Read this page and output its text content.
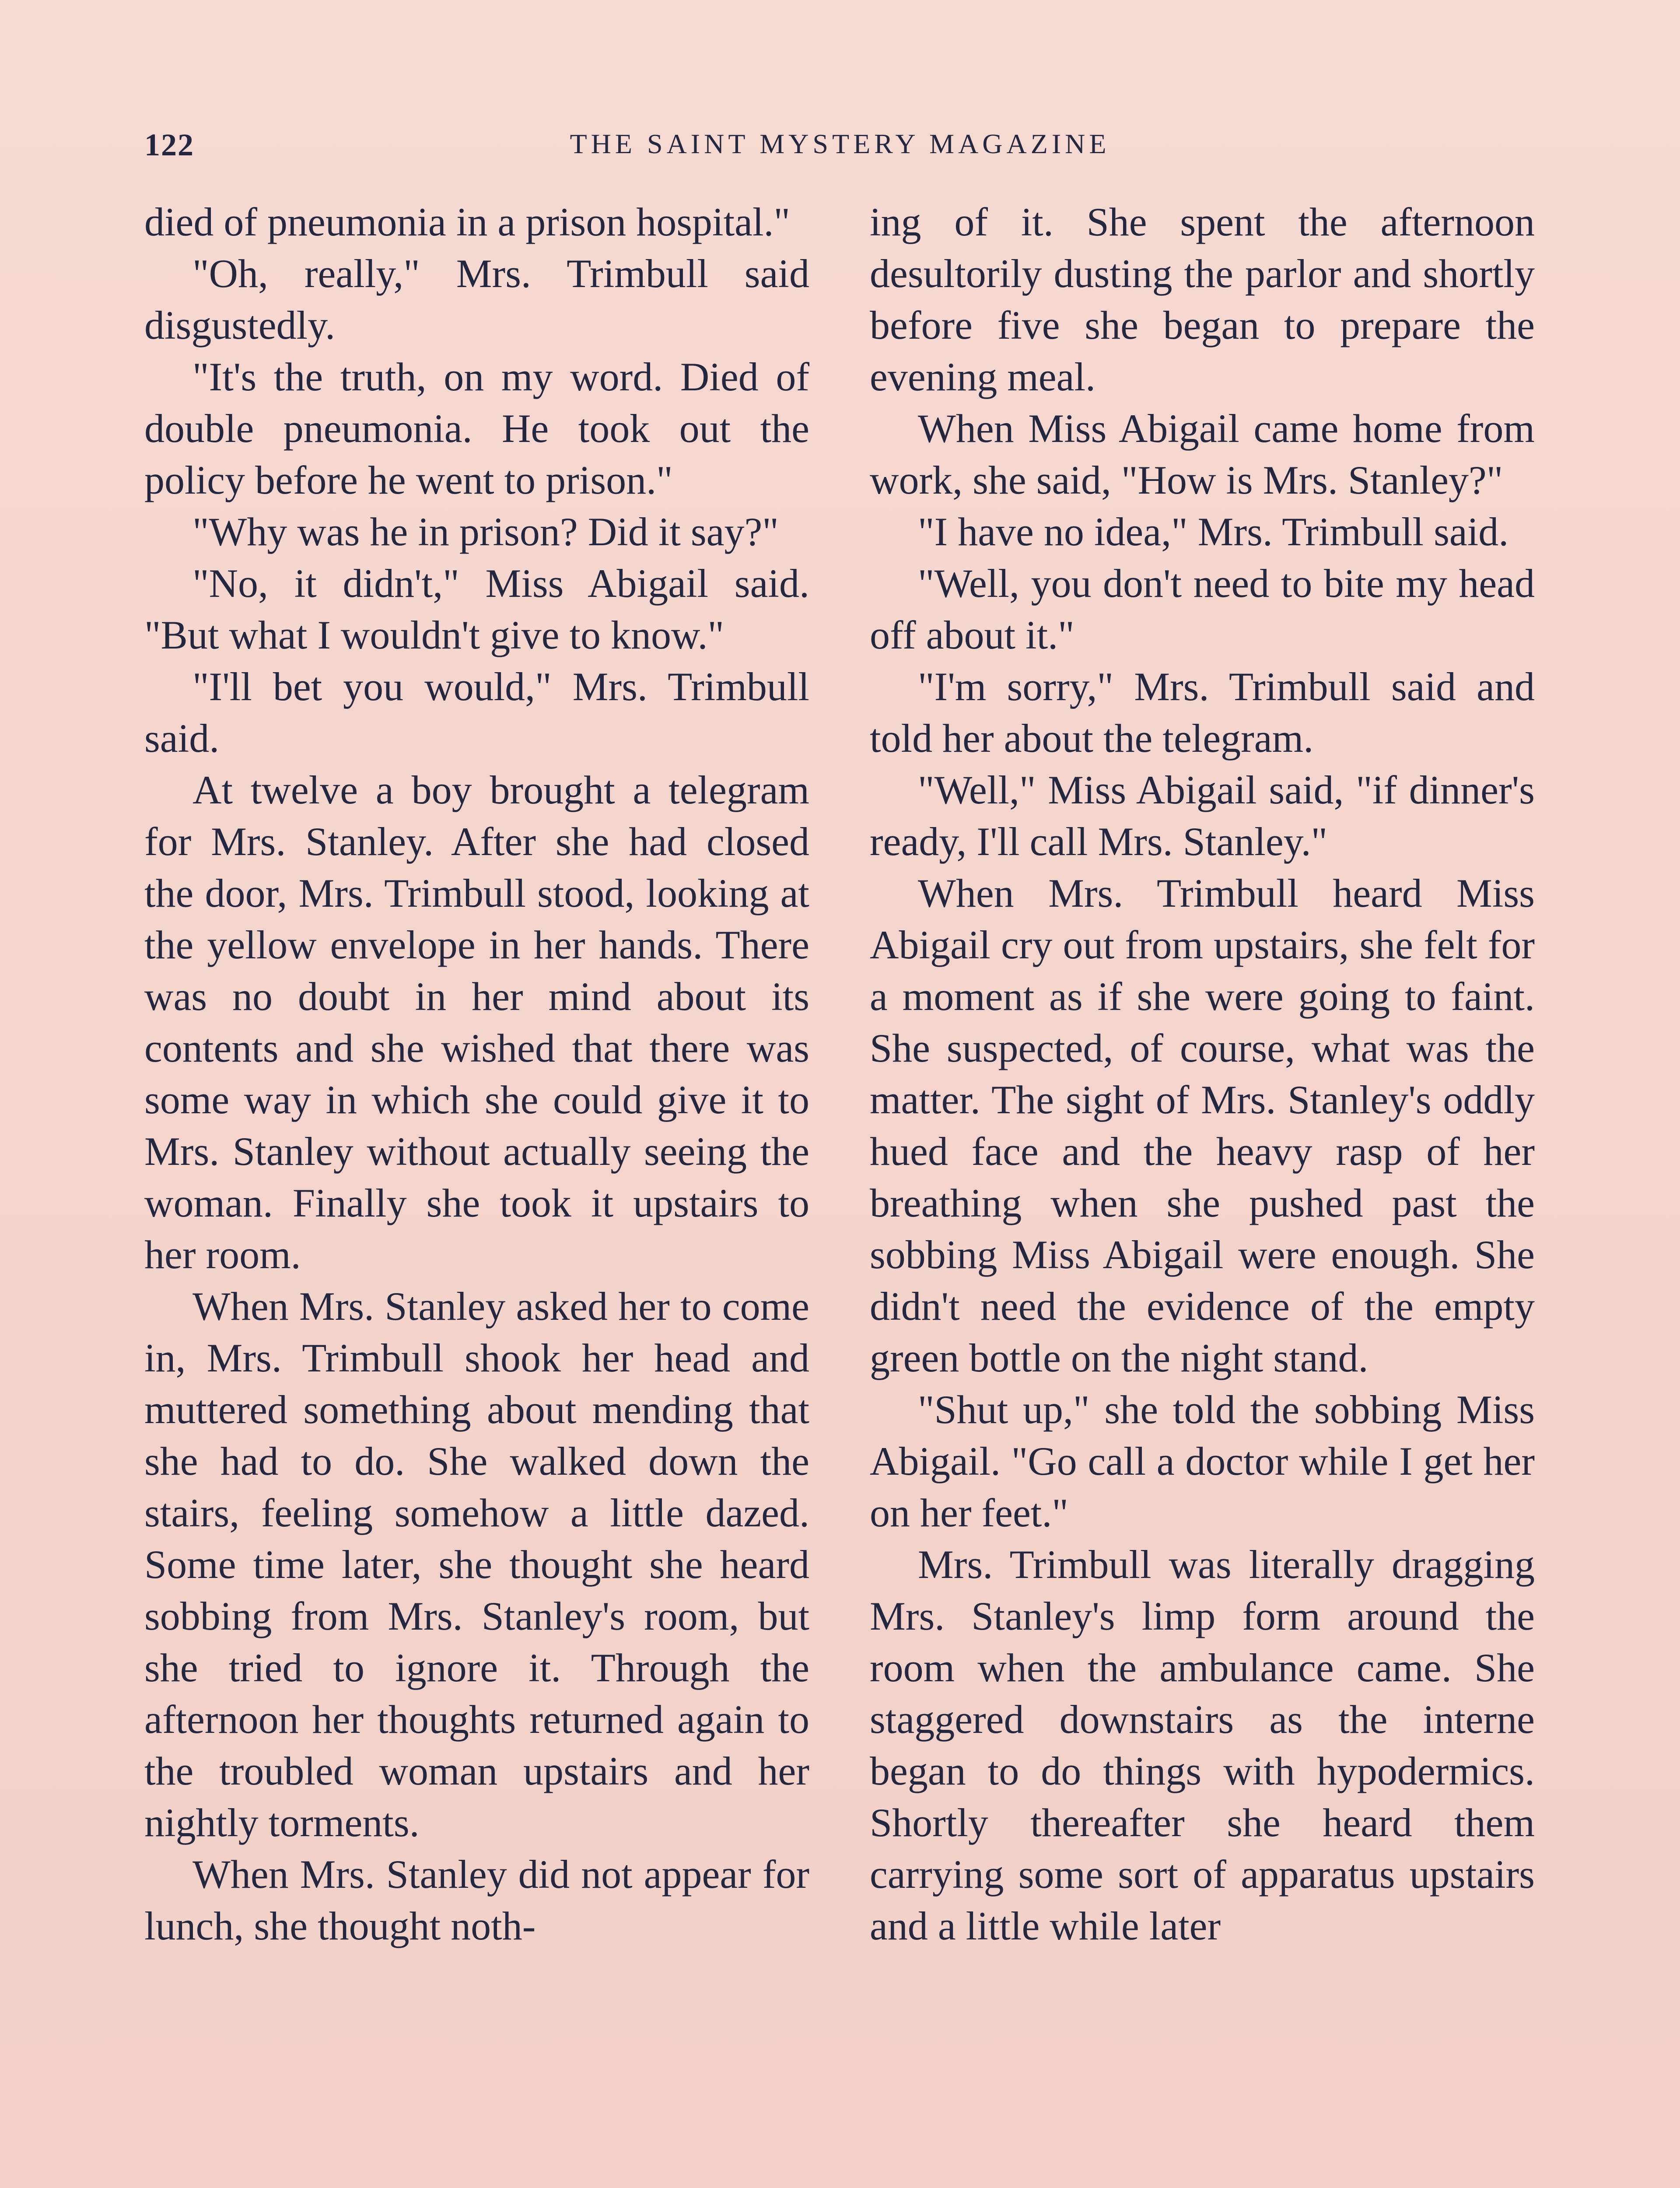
122	THE SAINT MYSTERY MAGAZINE

died of pneumonia in a prison hospital."

"Oh, really," Mrs. Trimbull said disgustedly.

"It's the truth, on my word. Died of double pneumonia. He took out the policy before he went to prison."

"Why was he in prison? Did it say?"

"No, it didn't," Miss Abigail said. "But what I wouldn't give to know."

"I'll bet you would," Mrs. Trimbull said.

At twelve a boy brought a telegram for Mrs. Stanley. After she had closed the door, Mrs. Trimbull stood, looking at the yellow envelope in her hands. There was no doubt in her mind about its contents and she wished that there was some way in which she could give it to Mrs. Stanley without actually seeing the woman. Finally she took it upstairs to her room.

When Mrs. Stanley asked her to come in, Mrs. Trimbull shook her head and muttered something about mending that she had to do. She walked down the stairs, feeling somehow a little dazed. Some time later, she thought she heard sobbing from Mrs. Stanley's room, but she tried to ignore it. Through the afternoon her thoughts returned again to the troubled woman upstairs and her nightly torments.

When Mrs. Stanley did not appear for lunch, she thought noth-

ing of it. She spent the afternoon desultorily dusting the parlor and shortly before five she began to prepare the evening meal.

When Miss Abigail came home from work, she said, "How is Mrs. Stanley?"

"I have no idea," Mrs. Trimbull said.

"Well, you don't need to bite my head off about it."

"I'm sorry," Mrs. Trimbull said and told her about the telegram.

"Well," Miss Abigail said, "if dinner's ready, I'll call Mrs. Stanley."

When Mrs. Trimbull heard Miss Abigail cry out from upstairs, she felt for a moment as if she were going to faint. She suspected, of course, what was the matter. The sight of Mrs. Stanley's oddly hued face and the heavy rasp of her breathing when she pushed past the sobbing Miss Abigail were enough. She didn't need the evidence of the empty green bottle on the night stand.

"Shut up," she told the sobbing Miss Abigail. "Go call a doctor while I get her on her feet."

Mrs. Trimbull was literally dragging Mrs. Stanley's limp form around the room when the ambulance came. She staggered downstairs as the interne began to do things with hypodermics. Shortly thereafter she heard them carrying some sort of apparatus upstairs and a little while later
